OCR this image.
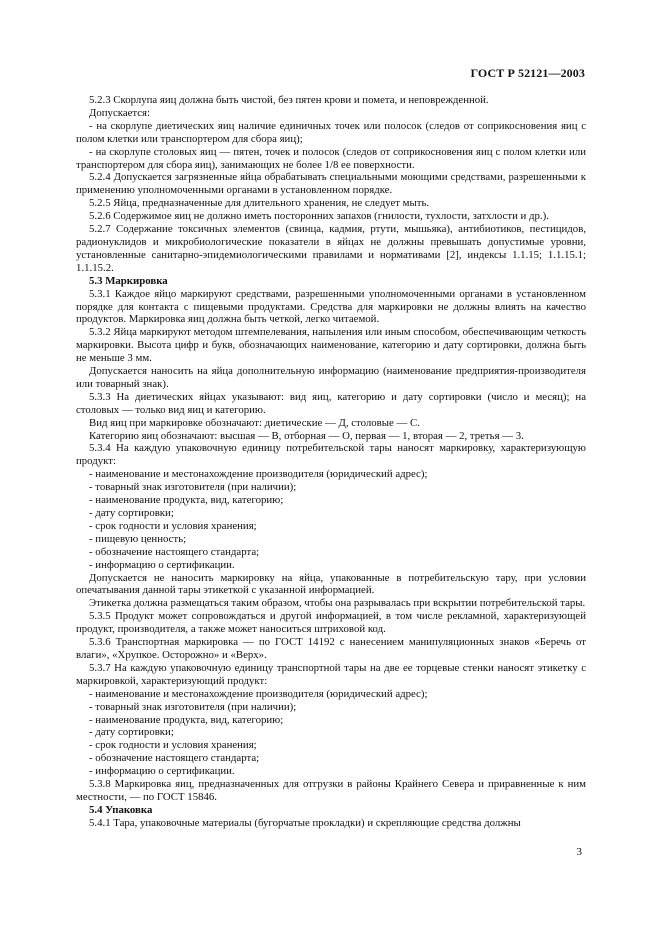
ГОСТ Р 52121—2003

5.2.3 Скорлупа яиц должна быть чистой, без пятен крови и помета, и неповрежденной.

Допускается:

- на скорлупе диетических яиц наличие единичных точек или полосок (следов от соприкосновения яиц с полом клетки или транспортером для сбора яиц);

- на скорлупе столовых яиц — пятен, точек и полосок (следов от соприкосновения яиц с полом клетки или транспортером для сбора яиц), занимающих не более 1/8 ее поверхности.

5.2.4 Допускается загрязненные яйца обрабатывать специальными моющими средствами, разрешенными к применению уполномоченными органами в установленном порядке.

5.2.5 Яйца, предназначенные для длительного хранения, не следует мыть.

5.2.6 Содержимое яиц не должно иметь посторонних запахов (гнилости, тухлости, затхлости и др.).

5.2.7 Содержание токсичных элементов (свинца, кадмия, ртути, мышьяка), антибиотиков, пестицидов, радионуклидов и микробиологические показатели в яйцах не должны превышать допустимые уровни, установленные санитарно-эпидемиологическими правилами и нормативами [2], индексы 1.1.15; 1.1.15.1; 1.1.15.2.

5.3 Маркировка

5.3.1 Каждое яйцо маркируют средствами, разрешенными уполномоченными органами в установленном порядке для контакта с пищевыми продуктами. Средства для маркировки не должны влиять на качество продуктов. Маркировка яиц должна быть четкой, легко читаемой.

5.3.2 Яйца маркируют методом штемпелевания, напыления или иным способом, обеспечивающим четкость маркировки. Высота цифр и букв, обозначающих наименование, категорию и дату сортировки, должна быть не меньше 3 мм.

Допускается наносить на яйца дополнительную информацию (наименование предприятия-производителя или товарный знак).

5.3.3 На диетических яйцах указывают: вид яиц, категорию и дату сортировки (число и месяц); на столовых — только вид яиц и категорию.

Вид яиц при маркировке обозначают: диетические — Д, столовые — С.

Категорию яиц обозначают: высшая — В, отборная — О, первая — 1, вторая — 2, третья — 3.

5.3.4 На каждую упаковочную единицу потребительской тары наносят маркировку, характеризующую продукт:

- наименование и местонахождение производителя (юридический адрес);

- товарный знак изготовителя (при наличии);

- наименование продукта, вид, категорию;

- дату сортировки;

- срок годности и условия хранения;

- пищевую ценность;

- обозначение настоящего стандарта;

- информацию о сертификации.

Допускается не наносить маркировку на яйца, упакованные в потребительскую тару, при условии опечатывания данной тары этикеткой с указанной информацией.

Этикетка должна размещаться таким образом, чтобы она разрывалась при вскрытии потребительской тары.

5.3.5 Продукт может сопровождаться и другой информацией, в том числе рекламной, характеризующей продукт, производителя, а также может наноситься штриховой код.

5.3.6 Транспортная маркировка — по ГОСТ 14192 с нанесением манипуляционных знаков «Беречь от влаги», «Хрупкое. Осторожно» и «Верх».

5.3.7 На каждую упаковочную единицу транспортной тары на две ее торцевые стенки наносят этикетку с маркировкой, характеризующий продукт:

- наименование и местонахождение производителя (юридический адрес);

- товарный знак изготовителя (при наличии);

- наименование продукта, вид, категорию;

- дату сортировки;

- срок годности и условия хранения;

- обозначение настоящего стандарта;

- информацию о сертификации.

5.3.8 Маркировка яиц, предназначенных для отгрузки в районы Крайнего Севера и приравненные к ним местности, — по ГОСТ 15846.

5.4 Упаковка

5.4.1 Тара, упаковочные материалы (бугорчатые прокладки) и скрепляющие средства должны

3
